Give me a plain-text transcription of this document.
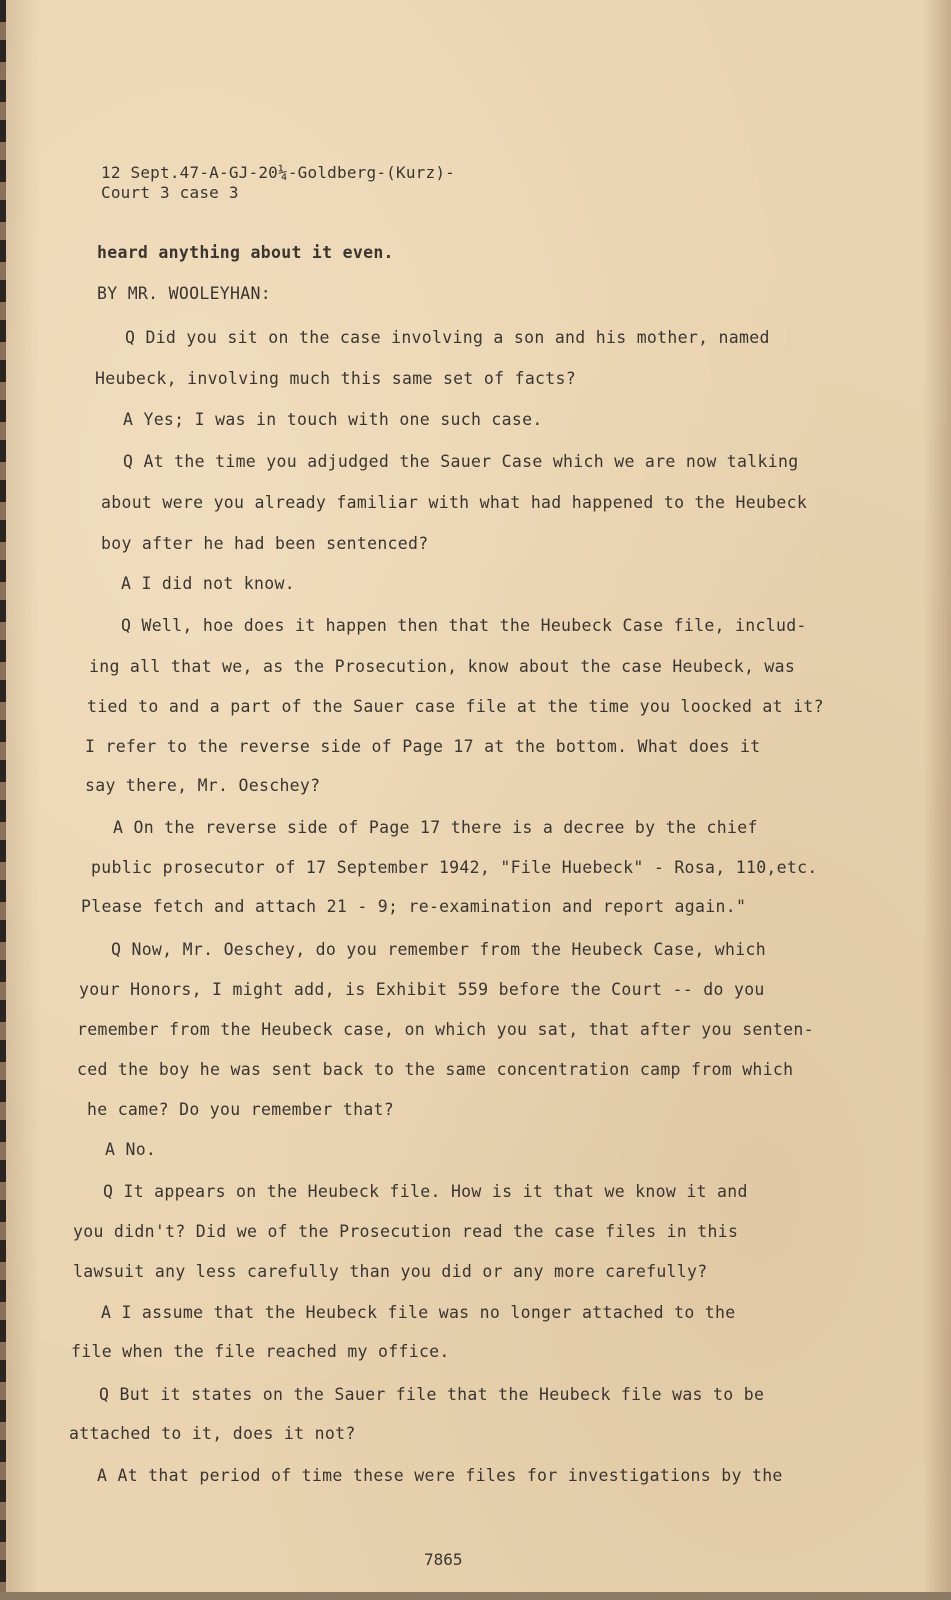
12 Sept.47-A-GJ-20¼-Goldberg-(Kurz)-
Court 3 case 3
heard anything about it even.
BY MR. WOOLEYHAN:
Q Did you sit on the case involving a son and his mother, named
Heubeck, involving much this same set of facts?
A Yes; I was in touch with one such case.
Q At the time you adjudged the Sauer Case which we are now talking
about were you already familiar with what had happened to the Heubeck
boy after he had been sentenced?
A I did not know.
Q Well, hoe does it happen then that the Heubeck Case file, includ-
ing all that we, as the Prosecution, know about the case Heubeck, was
tied to and a part of the Sauer case file at the time you loocked at it?
I refer to the reverse side of Page 17 at the bottom. What does it
say there, Mr. Oeschey?
A On the reverse side of Page 17 there is a decree by the chief
public prosecutor of 17 September 1942, "File Huebeck" - Rosa, 110,etc.
Please fetch and attach 21 - 9; re-examination and report again."
Q Now, Mr. Oeschey, do you remember from the Heubeck Case, which
your Honors, I might add, is Exhibit 559 before the Court -- do you
remember from the Heubeck case, on which you sat, that after you senten-
ced the boy he was sent back to the same concentration camp from which
he came? Do you remember that?
A No.
Q It appears on the Heubeck file. How is it that we know it and
you didn't? Did we of the Prosecution read the case files in this
lawsuit any less carefully than you did or any more carefully?
A I assume that the Heubeck file was no longer attached to the
file when the file reached my office.
Q But it states on the Sauer file that the Heubeck file was to be
attached to it, does it not?
A At that period of time these were files for investigations by the
7865
